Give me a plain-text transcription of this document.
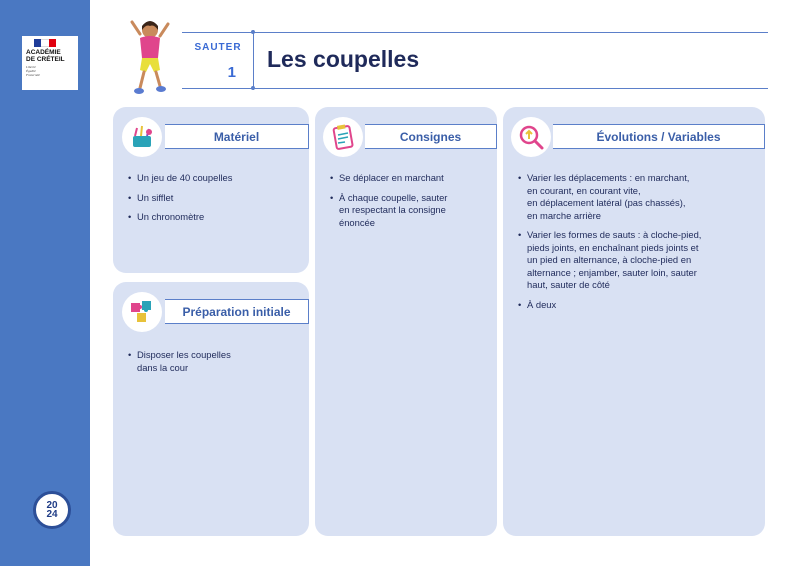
ACADÉMIE
DE CRÉTEIL
Liberté
Égalité
Fraternité
20
24
SAUTER
1
Les coupelles
Matériel
• Un jeu de 40 coupelles
• Un sifflet
• Un chronomètre
Préparation initiale
• Disposer les coupelles
dans la cour
Consignes
• Se déplacer en marchant
• À chaque coupelle, sauter
en respectant la consigne
énoncée
Évolutions / Variables
• Varier les déplacements : en marchant,
en courant, en courant vite,
en déplacement latéral (pas chassés),
en marche arrière
• Varier les formes de sauts : à cloche-pied,
pieds joints, en enchaînant pieds joints et
un pied en alternance, à cloche-pied en
alternance ; enjamber, sauter loin, sauter
haut, sauter de côté
• À deux
